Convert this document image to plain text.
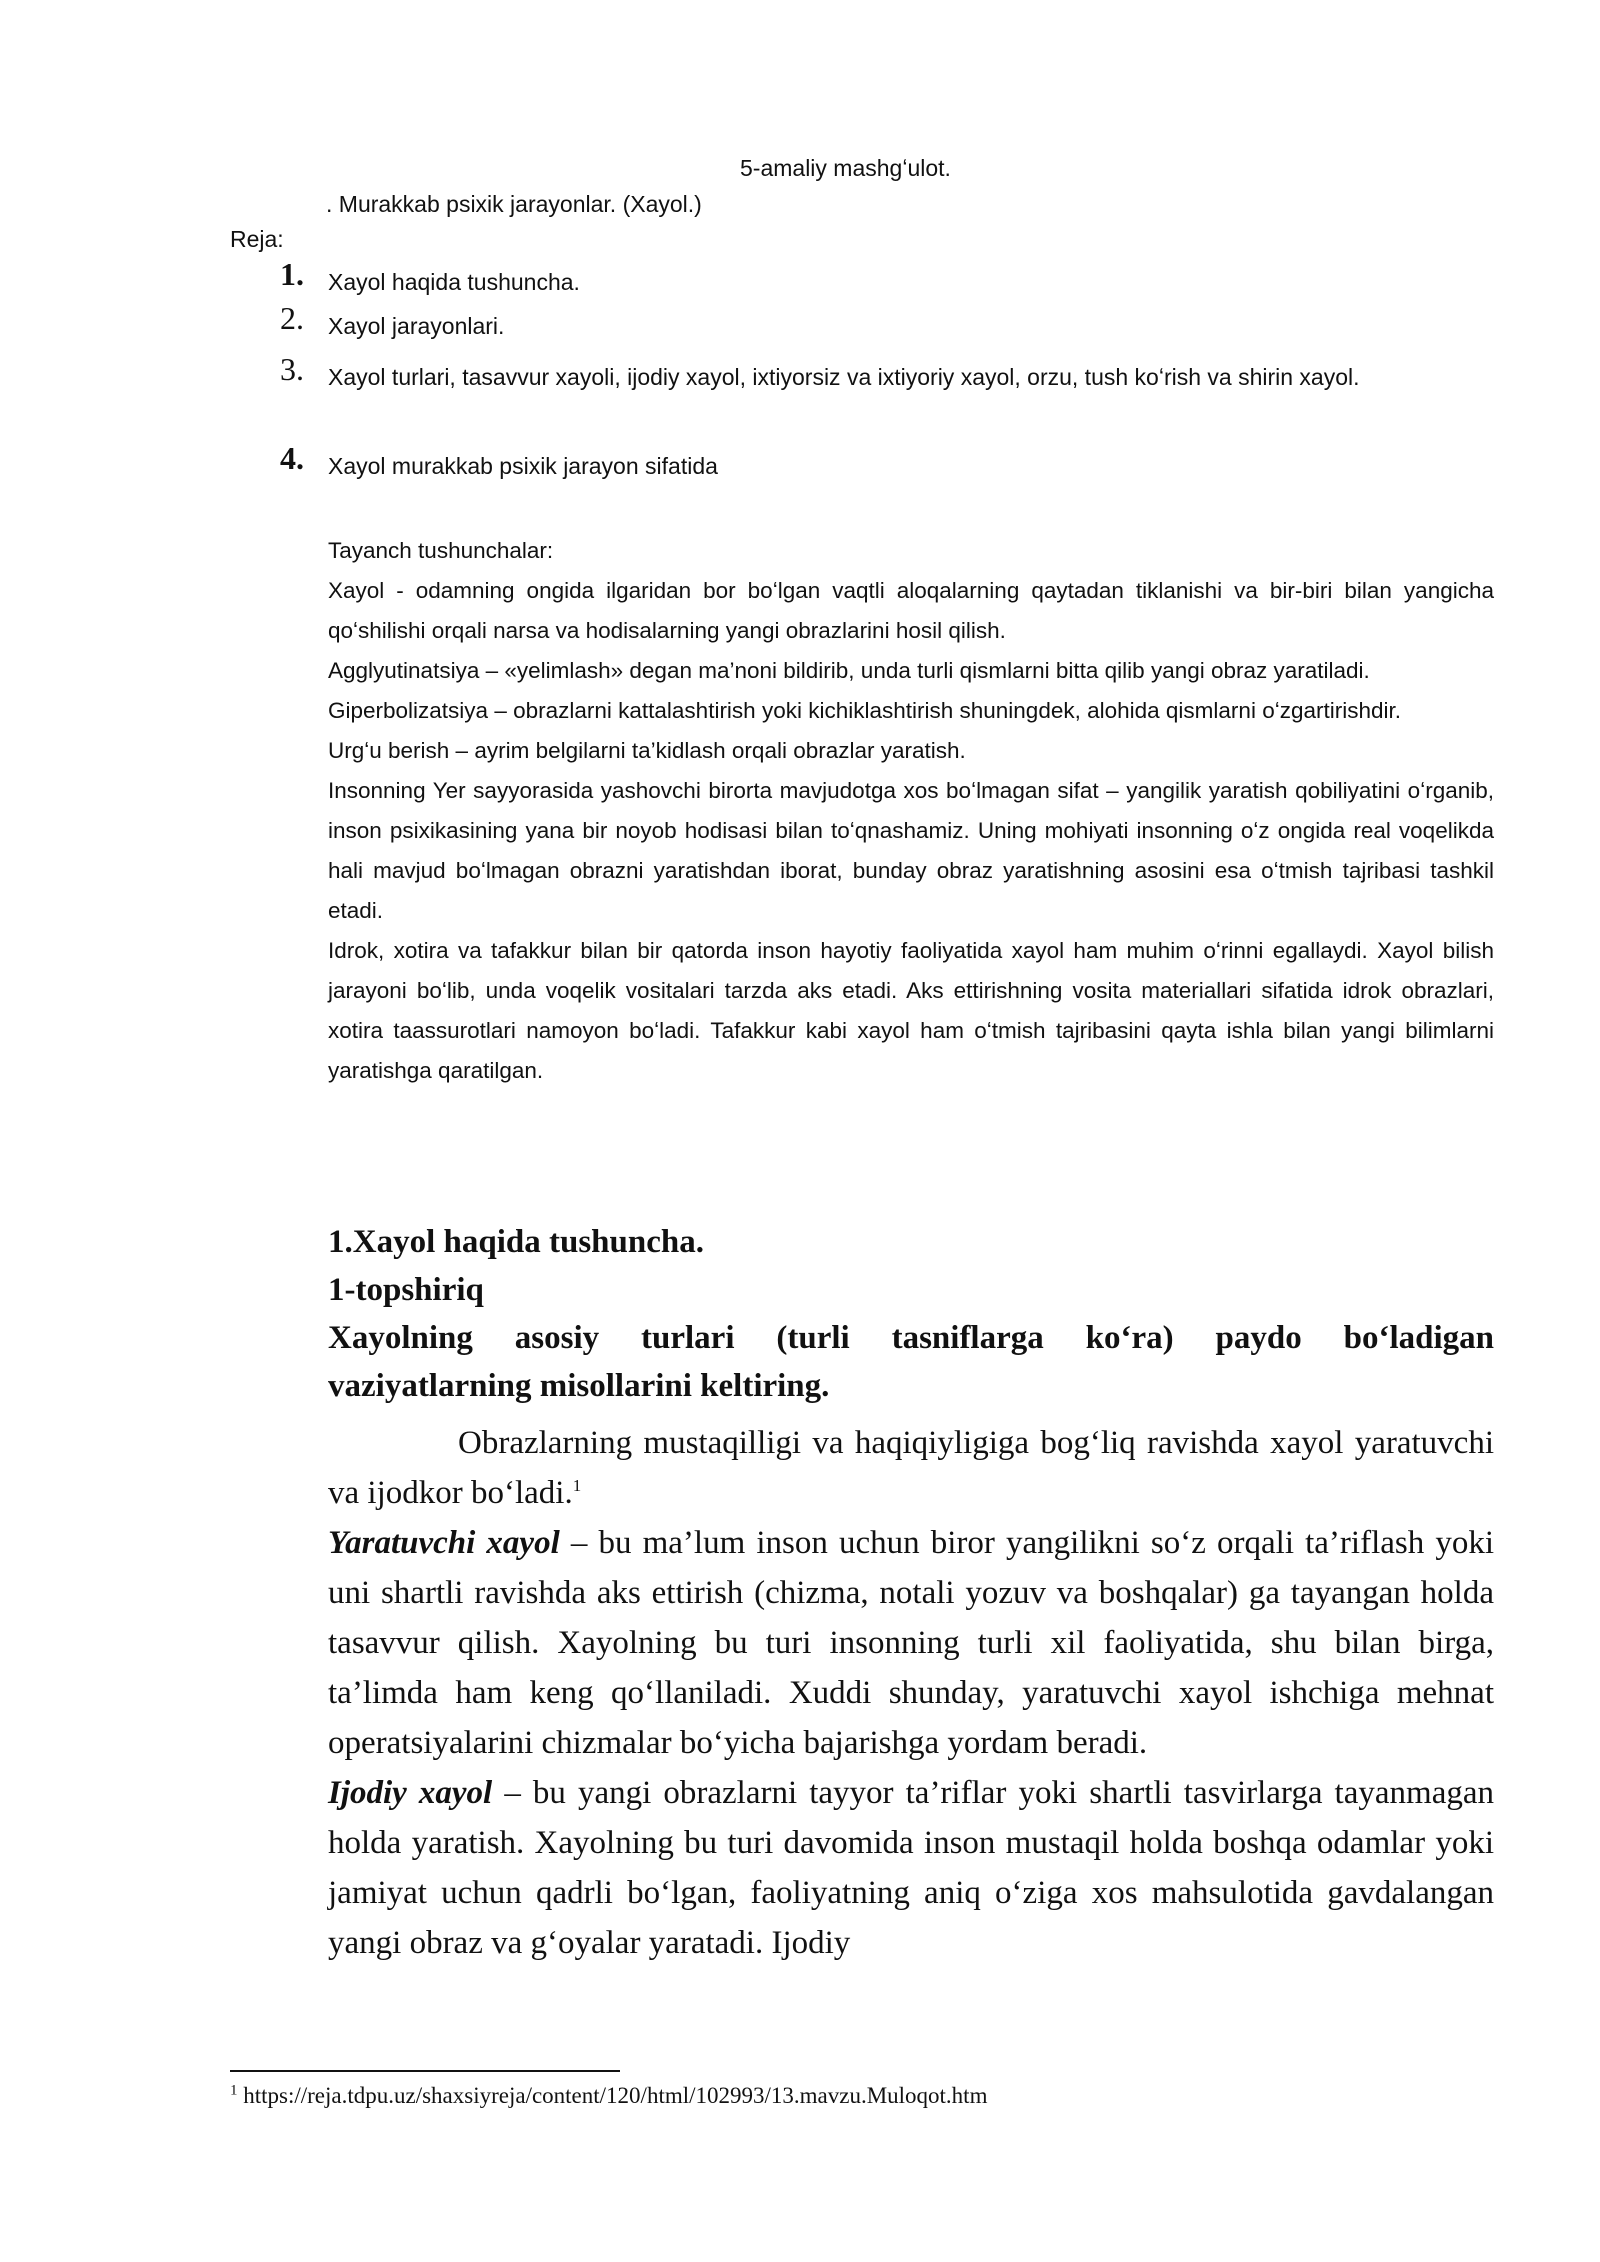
5-amaliy mashgʻulot.
. Murakkab psixik jarayonlar. (Xayol.)
Reja:
1. Xayol haqida tushuncha.
2. Xayol jarayonlari.
3. Xayol turlari, tasavvur xayoli, ijodiy xayol, ixtiyorsiz va ixtiyoriy xayol, orzu, tush koʻrish va shirin xayol.
4. Xayol murakkab psixik jarayon sifatida

Tayanch tushunchalar:

Xayol - odamning ongida ilgaridan bor boʻlgan vaqtli aloqalarning qaytadan tiklanishi va bir-biri bilan yangicha qoʻshilishi orqali narsa va hodisalarning yangi obrazlarini hosil qilish.

Agglyutinatsiya – «yelimlash» degan ma’noni bildirib, unda turli qismlarni bitta qilib yangi obraz yaratiladi.

Giperbolizatsiya – obrazlarni kattalashtirish yoki kichiklashtirish shuningdek, alohida qismlarni oʻzgartirishdir.

Urgʻu berish – ayrim belgilarni ta’kidlash orqali obrazlar yaratish.

Insonning Yer sayyorasida yashovchi birorta mavjudotga xos boʻlmagan sifat – yangilik yaratish qobiliyatini oʻrganib, inson psixikasining yana bir noyob hodisasi bilan toʻqnashamiz. Uning mohiyati insonning oʻz ongida real voqelikda hali mavjud boʻlmagan obrazni yaratishdan iborat, bunday obraz yaratishning asosini esa oʻtmish tajribasi tashkil etadi.

Idrok, xotira va tafakkur bilan bir qatorda inson hayotiy faoliyatida xayol ham muhim oʻrinni egallaydi. Xayol bilish jarayoni boʻlib, unda voqelik vositalari tarzda aks etadi. Aks ettirishning vosita materiallari sifatida idrok obrazlari, xotira taassurotlari namoyon boʻladi. Tafakkur kabi xayol ham oʻtmish tajribasini qayta ishla bilan yangi bilimlarni yaratishga qaratilgan.

1.Xayol haqida tushuncha.

1-topshiriq

Xayolning asosiy turlari (turli tasniflarga koʻra) paydo boʻladigan

vaziyatlarning misollarini keltiring.

Obrazlarning mustaqilligi va haqiqiyligiga bogʻliq ravishda xayol yaratuvchi va ijodkor boʻladi.$^1$

Yaratuvchi xayol – bu ma’lum inson uchun biror yangilikni soʻz orqali ta’riflash yoki uni shartli ravishda aks ettirish (chizma, notali yozuv va boshqalar) ga tayangan holda tasavvur qilish. Xayolning bu turi insonning turli xil faoliyatida, shu bilan birga, ta’limda ham keng qoʻllaniladi. Xuddi shunday, yaratuvchi xayol ishchiga mehnat operatsiyalarini chizmalar boʻyicha bajarishga yordam beradi.

Ijodiy xayol – bu yangi obrazlarni tayyor ta’riflar yoki shartli tasvirlarga tayanmagan holda yaratish. Xayolning bu turi davomida inson mustaqil holda boshqa odamlar yoki jamiyat uchun qadrli boʻlgan, faoliyatning aniq oʻziga xos mahsulotida gavdalangan yangi obraz va gʻoyalar yaratadi. Ijodiy

$^1$ https://reja.tdpu.uz/shaxsiyreja/content/120/html/102993/13.mavzu.Muloqot.htm
